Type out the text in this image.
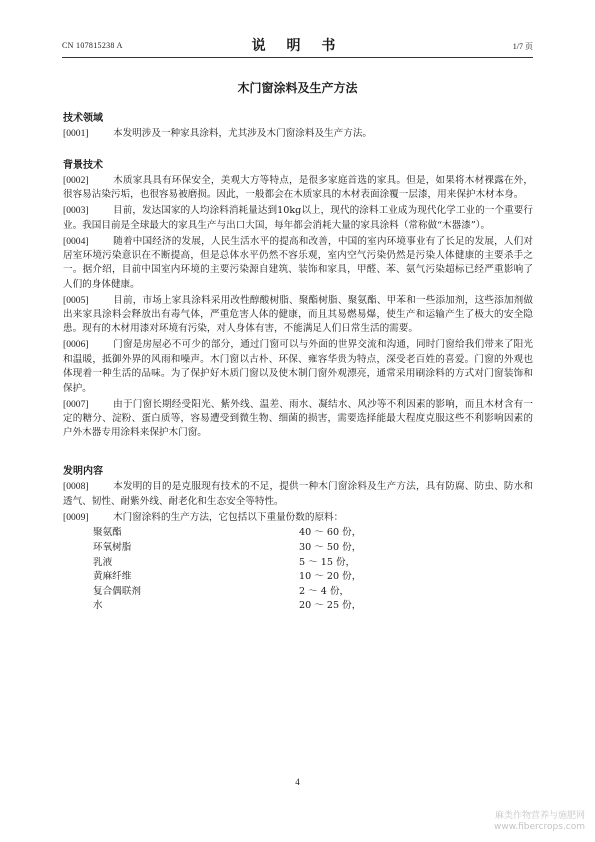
CN 107815238 A	说 明 书	1/7 页
木门窗涂料及生产方法
技术领域

[0001]	本发明涉及一种家具涂料，尤其涉及木门窗涂料及生产方法。

背景技术

[0002]	木质家具具有环保安全，美观大方等特点，是很多家庭首选的家具。但是，如果将木材裸露在外，很容易沾染污垢，也很容易被磨损。因此，一般都会在木质家具的木材表面涂覆一层漆，用来保护木材本身。

[0003]	目前，发达国家的人均涂料消耗量达到10kg以上，现代的涂料工业成为现代化学工业的一个重要行业。我国目前是全球最大的家具生产与出口大国，每年都会消耗大量的家具涂料（常称做“木器漆”）。

[0004]	随着中国经济的发展，人民生活水平的提高和改善，中国的室内环境事业有了长足的发展，人们对居室环境污染意识在不断提高，但是总体水平仍然不容乐观，室内空气污染仍然是污染人体健康的主要杀手之一。据介绍，目前中国室内环境的主要污染源自建筑、装饰和家具，甲醛、苯、氨气污染超标已经严重影响了人们的身体健康。

[0005]	目前，市场上家具涂料采用改性醇酸树脂、聚酯树脂、聚氨酯、甲苯和一些添加剂，这些添加剂做出来家具涂料会释放出有毒气体，严重危害人体的健康，而且其易燃易爆，使生产和运输产生了极大的安全隐患。现有的木材用漆对环境有污染，对人身体有害，不能满足人们日常生活的需要。

[0006]	门窗是房屋必不可少的部分，通过门窗可以与外面的世界交流和沟通，同时门窗给我们带来了阳光和温暖，抵御外界的风雨和噪声。木门窗以古朴、环保、雍容华贵为特点，深受老百姓的喜爱。门窗的外观也体现着一种生活的品味。为了保护好木质门窗以及使木制门窗外观漂亮，通常采用刷涂料的方式对门窗装饰和保护。

[0007]	由于门窗长期经受阳光、紫外线、温差、雨水、凝结水、风沙等不利因素的影响，而且木材含有一定的糖分、淀粉、蛋白质等，容易遭受到微生物、细菌的损害，需要选择能最大程度克服这些不利影响因素的户外木器专用涂料来保护木门窗。

发明内容

[0008]	本发明的目的是克服现有技术的不足，提供一种木门窗涂料及生产方法，具有防腐、防虫、防水和透气、韧性、耐紫外线、耐老化和生态安全等特性。

[0009]	木门窗涂料的生产方法，它包括以下重量份数的原料：

聚氨酯	40 ～ 60 份，
环氧树脂	30 ～ 50 份，
乳液	5 ～ 15 份，
黄麻纤维	10 ～ 20 份，
复合偶联剂	2 ～ 4 份，
水	20 ～ 25 份，
4
麻类作物营养与施肥网
www.fibercrops.com
